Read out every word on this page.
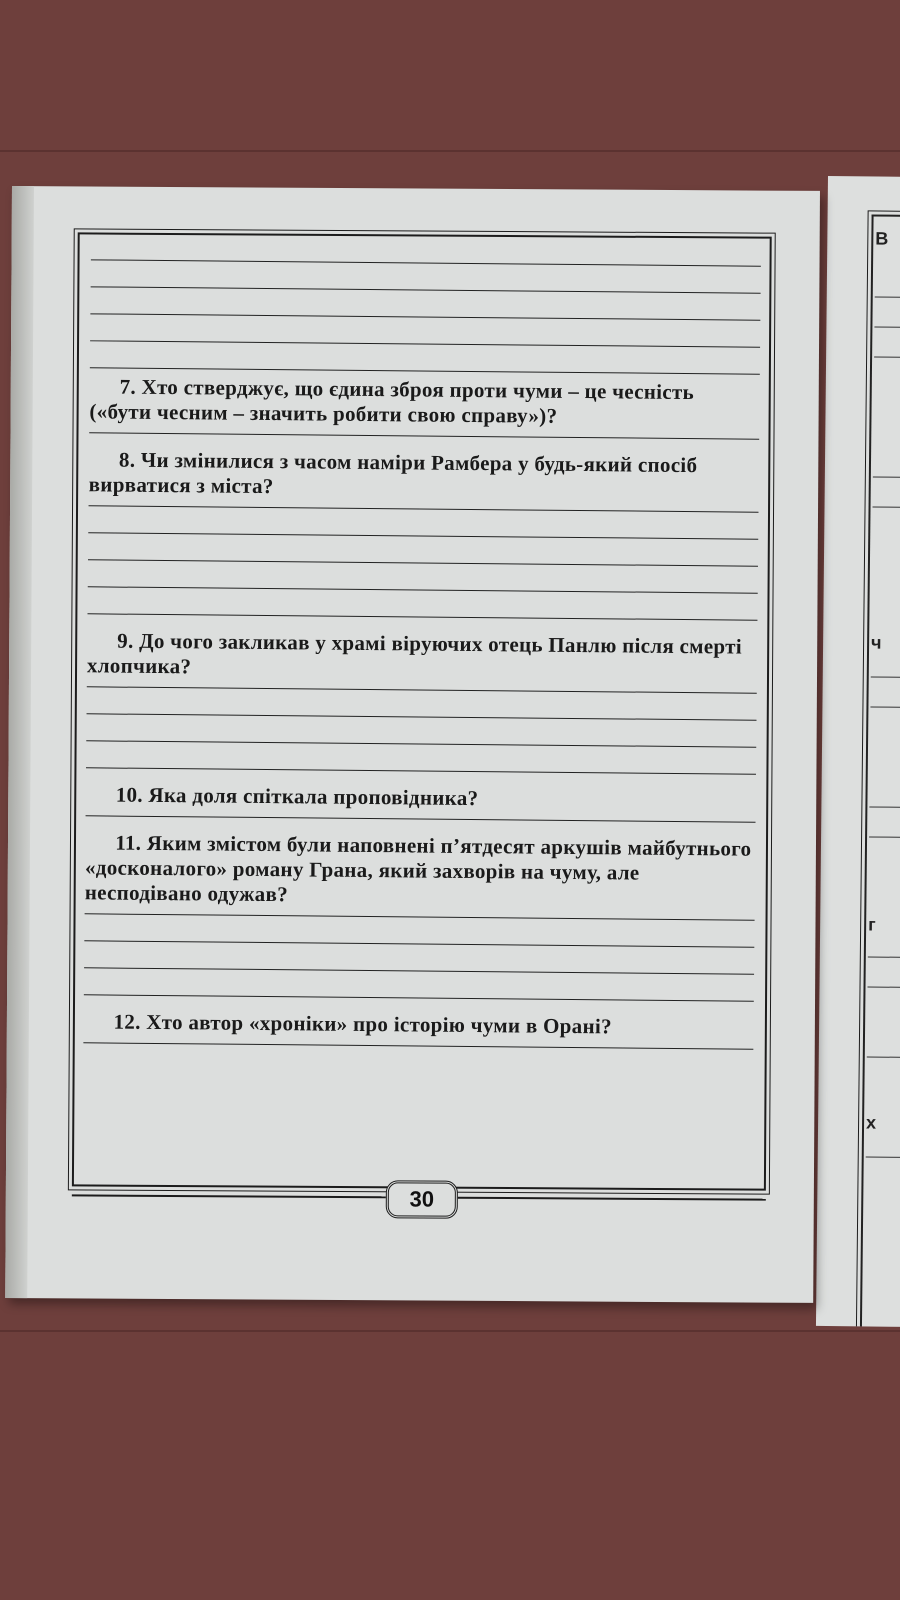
В
ч
г
х
7. Хто стверджує, що єдина зброя проти чуми – це чесність («бути чесним – значить робити свою справу»)?
8. Чи змінилися з часом наміри Рамбера у будь-який спосіб вирватися з міста?
9. До чого закликав у храмі віруючих отець Панлю після смерті хлопчика?
10. Яка доля спіткала проповідника?
11. Яким змістом були наповнені п’ятдесят аркушів майбутнього «досконалого» роману Грана, який захворів на чуму, але несподівано одужав?
12. Хто автор «хроніки» про історію чуми в Орані?
30
